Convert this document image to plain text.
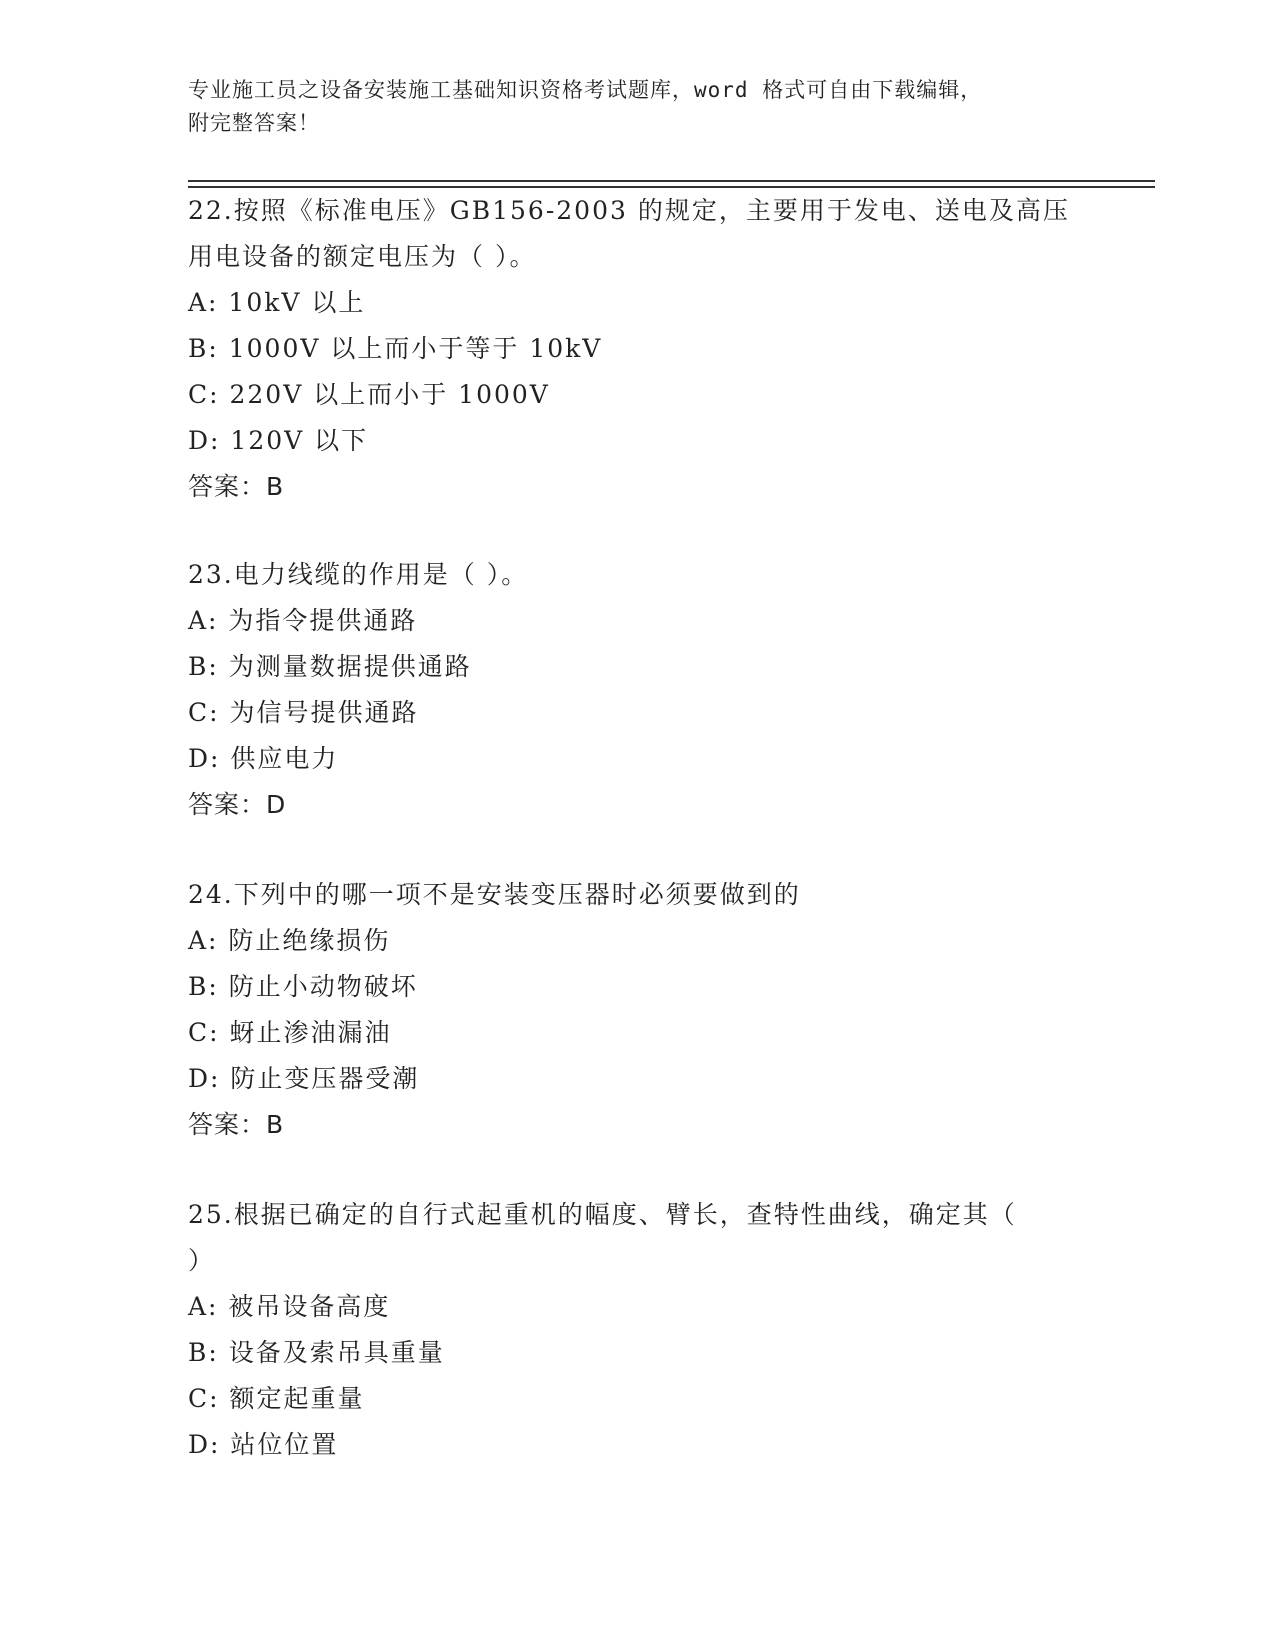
专业施工员之设备安装施工基础知识资格考试题库，word 格式可自由下载编辑，
附完整答案！
22.按照《标准电压》GB156-2003 的规定，主要用于发电、送电及高压
用电设备的额定电压为（ ）。
A: 10kV 以上
B: 1000V 以上而小于等于 10kV
C: 220V 以上而小于 1000V
D: 120V 以下
答案：B
23.电力线缆的作用是（ ）。
A: 为指令提供通路
B: 为测量数据提供通路
C: 为信号提供通路
D: 供应电力
答案：D
24.下列中的哪一项不是安装变压器时必须要做到的
A: 防止绝缘损伤
B: 防止小动物破坏
C: 蚜止渗油漏油
D: 防止变压器受潮
答案：B
25.根据已确定的自行式起重机的幅度、臂长，查特性曲线，确定其（
）
A: 被吊设备高度
B: 设备及索吊具重量
C: 额定起重量
D: 站位位置
